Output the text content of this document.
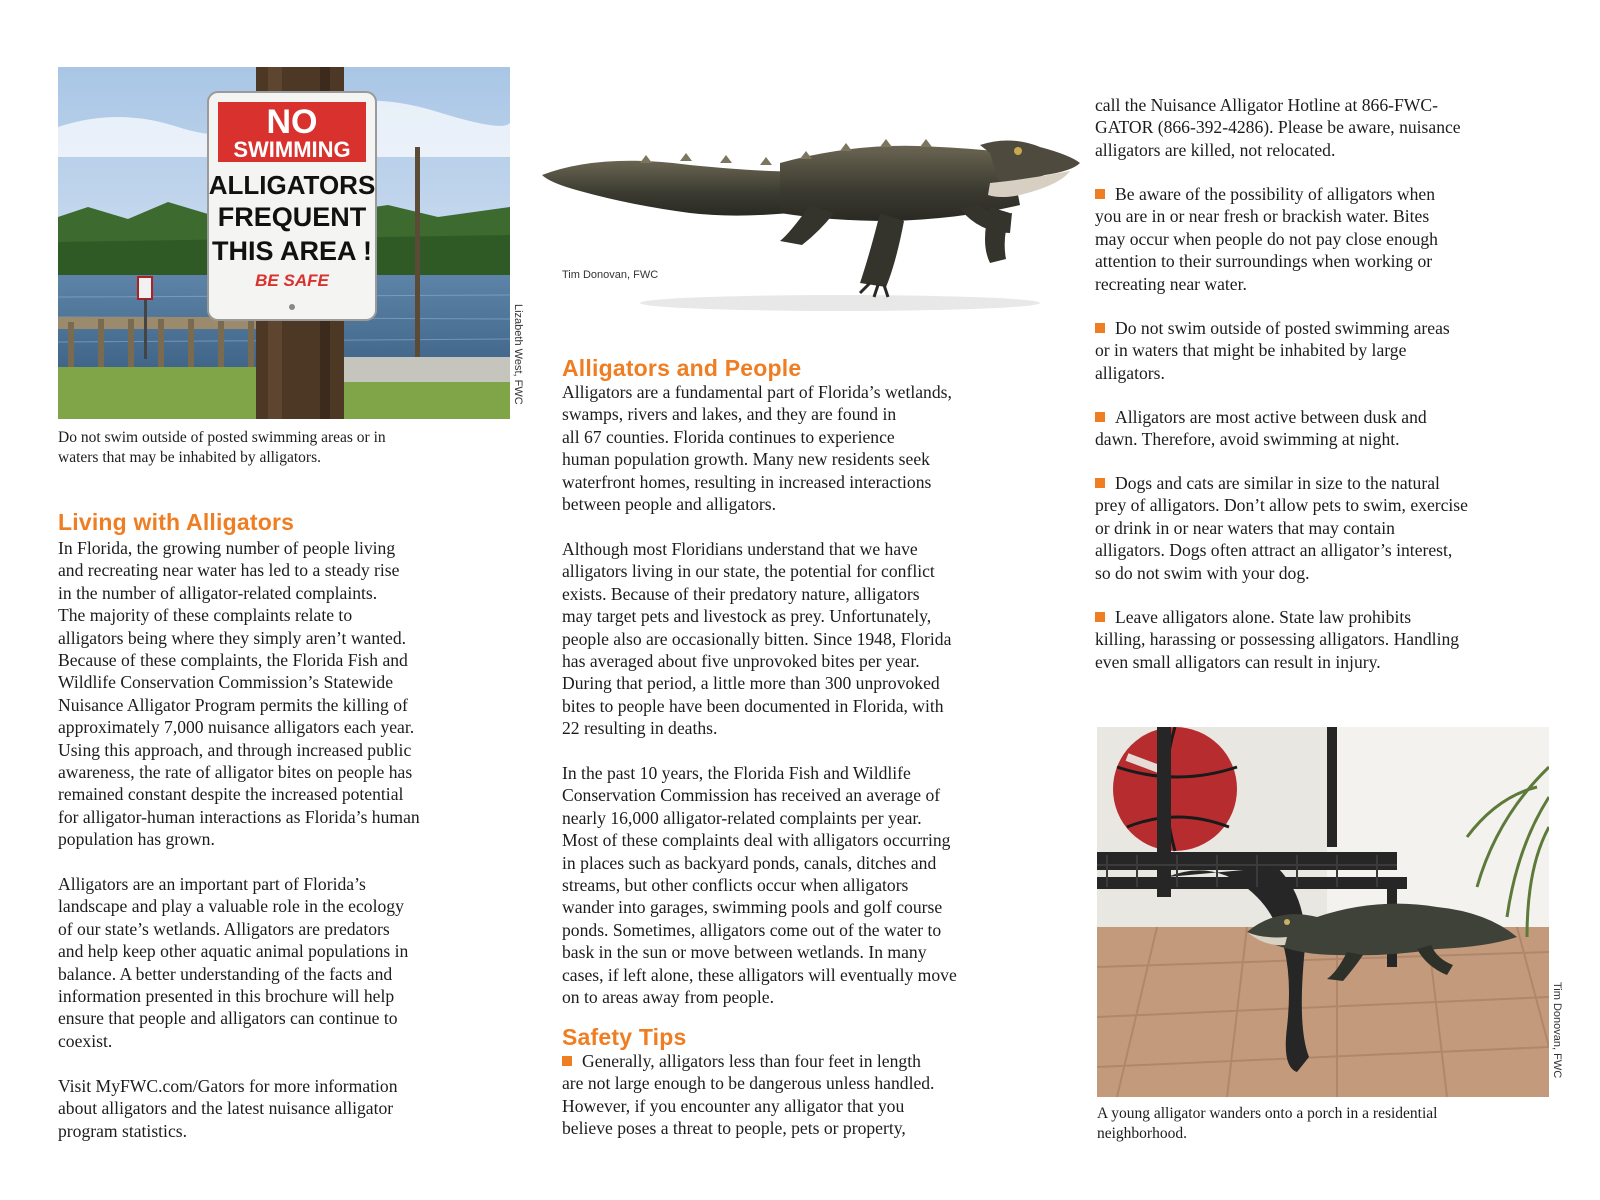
NO
SWIMMING
ALLIGATORS
FREQUENT
THIS AREA !
BE SAFE
Lizabeth West, FWC
Do not swim outside of posted swimming areas or in
waters that may be inhabited by alligators.
Tim Donovan, FWC
Living with Alligators
In Florida, the growing number of people living
and recreating near water has led to a steady rise
in the number of alligator-related complaints.
The majority of these complaints relate to
alligators being where they simply aren’t wanted.
Because of these complaints, the Florida Fish and
Wildlife Conservation Commission’s Statewide
Nuisance Alligator Program permits the killing of
approximately 7,000 nuisance alligators each year.
Using this approach, and through increased public
awareness, the rate of alligator bites on people has
remained constant despite the increased potential
for alligator-human interactions as Florida’s human
population has grown.
Alligators are an important part of Florida’s
landscape and play a valuable role in the ecology
of our state’s wetlands. Alligators are predators
and help keep other aquatic animal populations in
balance. A better understanding of the facts and
information presented in this brochure will help
ensure that people and alligators can continue to
coexist.
Visit MyFWC.com/Gators for more information
about alligators and the latest nuisance alligator
program statistics.
Alligators and People
Alligators are a fundamental part of Florida’s wetlands,
swamps, rivers and lakes, and they are found in
all 67 counties. Florida continues to experience
human population growth. Many new residents seek
waterfront homes, resulting in increased interactions
between people and alligators.
Although most Floridians understand that we have
alligators living in our state, the potential for conflict
exists. Because of their predatory nature, alligators
may target pets and livestock as prey. Unfortunately,
people also are occasionally bitten. Since 1948, Florida
has averaged about five unprovoked bites per year.
During that period, a little more than 300 unprovoked
bites to people have been documented in Florida, with
22 resulting in deaths.
In the past 10 years, the Florida Fish and Wildlife
Conservation Commission has received an average of
nearly 16,000 alligator-related complaints per year.
Most of these complaints deal with alligators occurring
in places such as backyard ponds, canals, ditches and
streams, but other conflicts occur when alligators
wander into garages, swimming pools and golf course
ponds. Sometimes, alligators come out of the water to
bask in the sun or move between wetlands. In many
cases, if left alone, these alligators will eventually move
on to areas away from people.
Safety Tips
Generally, alligators less than four feet in length
are not large enough to be dangerous unless handled.
However, if you encounter any alligator that you
believe poses a threat to people, pets or property,
call the Nuisance Alligator Hotline at 866-FWC-
GATOR (866-392-4286). Please be aware, nuisance
alligators are killed, not relocated.
Be aware of the possibility of alligators when
you are in or near fresh or brackish water. Bites
may occur when people do not pay close enough
attention to their surroundings when working or
recreating near water.
Do not swim outside of posted swimming areas
or in waters that might be inhabited by large
alligators.
Alligators are most active between dusk and
dawn. Therefore, avoid swimming at night.
Dogs and cats are similar in size to the natural
prey of alligators. Don’t allow pets to swim, exercise
or drink in or near waters that may contain
alligators. Dogs often attract an alligator’s interest,
so do not swim with your dog.
Leave alligators alone. State law prohibits
killing, harassing or possessing alligators. Handling
even small alligators can result in injury.
Tim Donovan, FWC
A young alligator wanders onto a porch in a residential
neighborhood.
